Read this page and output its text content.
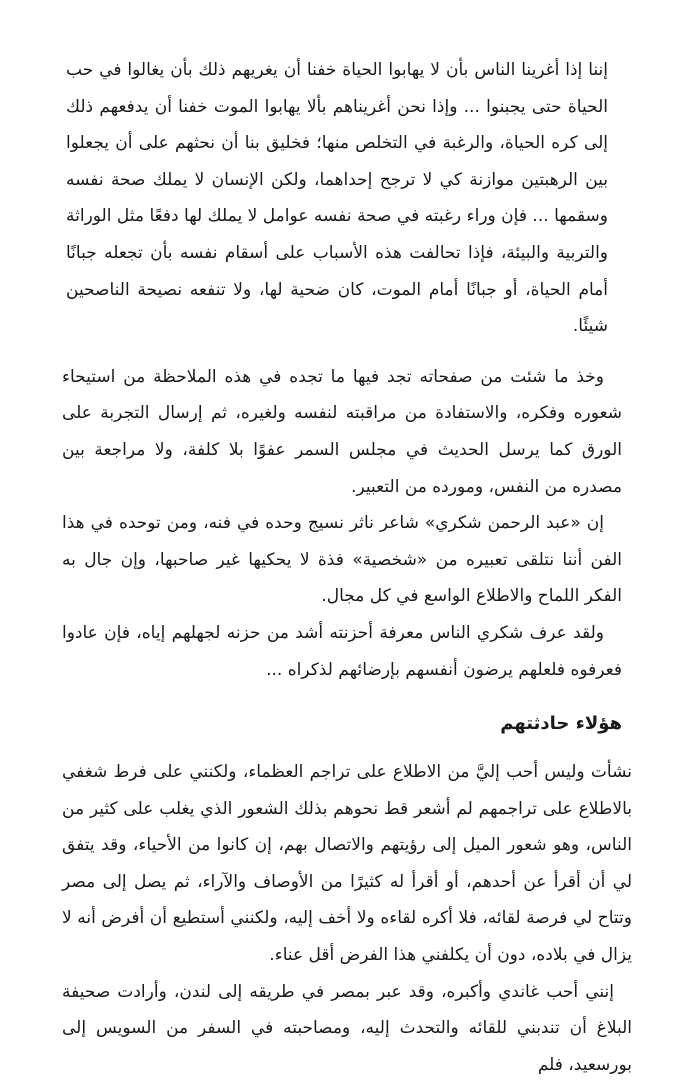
إننا إذا أغرينا الناس بأن لا يهابوا الحياة خفنا أن يغريهم ذلك بأن يغالوا في حب الحياة حتى يجبنوا ... وإذا نحن أغريناهم بألا يهابوا الموت خفنا أن يدفعهم ذلك إلى كره الحياة، والرغبة في التخلص منها؛ فخليق بنا أن نحثهم على أن يجعلوا بين الرهبتين موازنة كي لا ترجح إحداهما، ولكن الإنسان لا يملك صحة نفسه وسقمها ... فإن وراء رغبته في صحة نفسه عوامل لا يملك لها دفعًا مثل الوراثة والتربية والبيئة، فإذا تحالفت هذه الأسباب على أسقام نفسه بأن تجعله جبانًا أمام الحياة، أو جبانًا أمام الموت، كان ضحية لها، ولا تنفعه نصيحة الناصحين شيئًا.

وخذ ما شئت من صفحاته تجد فيها ما تجده في هذه الملاحظة من استيحاء شعوره وفكره، والاستفادة من مراقبته لنفسه ولغيره، ثم إرسال التجربة على الورق كما يرسل الحديث في مجلس السمر عفوًا بلا كلفة، ولا مراجعة بين مصدره من النفس، ومورده من التعبير.

إن «عبد الرحمن شكري» شاعر ناثر نسيج وحده في فنه، ومن توحده في هذا الفن أننا نتلقى تعبيره من «شخصية» فذة لا يحكيها غير صاحبها، وإن جال به الفكر اللماح والاطلاع الواسع في كل مجال.

ولقد عرف شكري الناس معرفة أحزنته أشد من حزنه لجهلهم إياه، فإن عادوا فعرفوه فلعلهم يرضون أنفسهم بإرضائهم لذكراه ...

هؤلاء حادثتهم

نشأت وليس أحب إليَّ من الاطلاع على تراجم العظماء، ولكنني على فرط شغفي بالاطلاع على تراجمهم لم أشعر قط نحوهم بذلك الشعور الذي يغلب على كثير من الناس، وهو شعور الميل إلى رؤيتهم والاتصال بهم، إن كانوا من الأحياء، وقد يتفق لي أن أقرأ عن أحدهم، أو أقرأ له كثيرًا من الأوصاف والآراء، ثم يصل إلى مصر وتتاح لي فرصة لقائه، فلا أكره لقاءه ولا أخف إليه، ولكنني أستطيع أن أفرض أنه لا يزال في بلاده، دون أن يكلفني هذا الفرض أقل عناء.

إنني أحب غاندي وأكبره، وقد عبر بمصر في طريقه إلى لندن، وأرادت صحيفة البلاغ أن تندبني للقائه والتحدث إليه، ومصاحبته في السفر من السويس إلى بورسعيد، فلم
